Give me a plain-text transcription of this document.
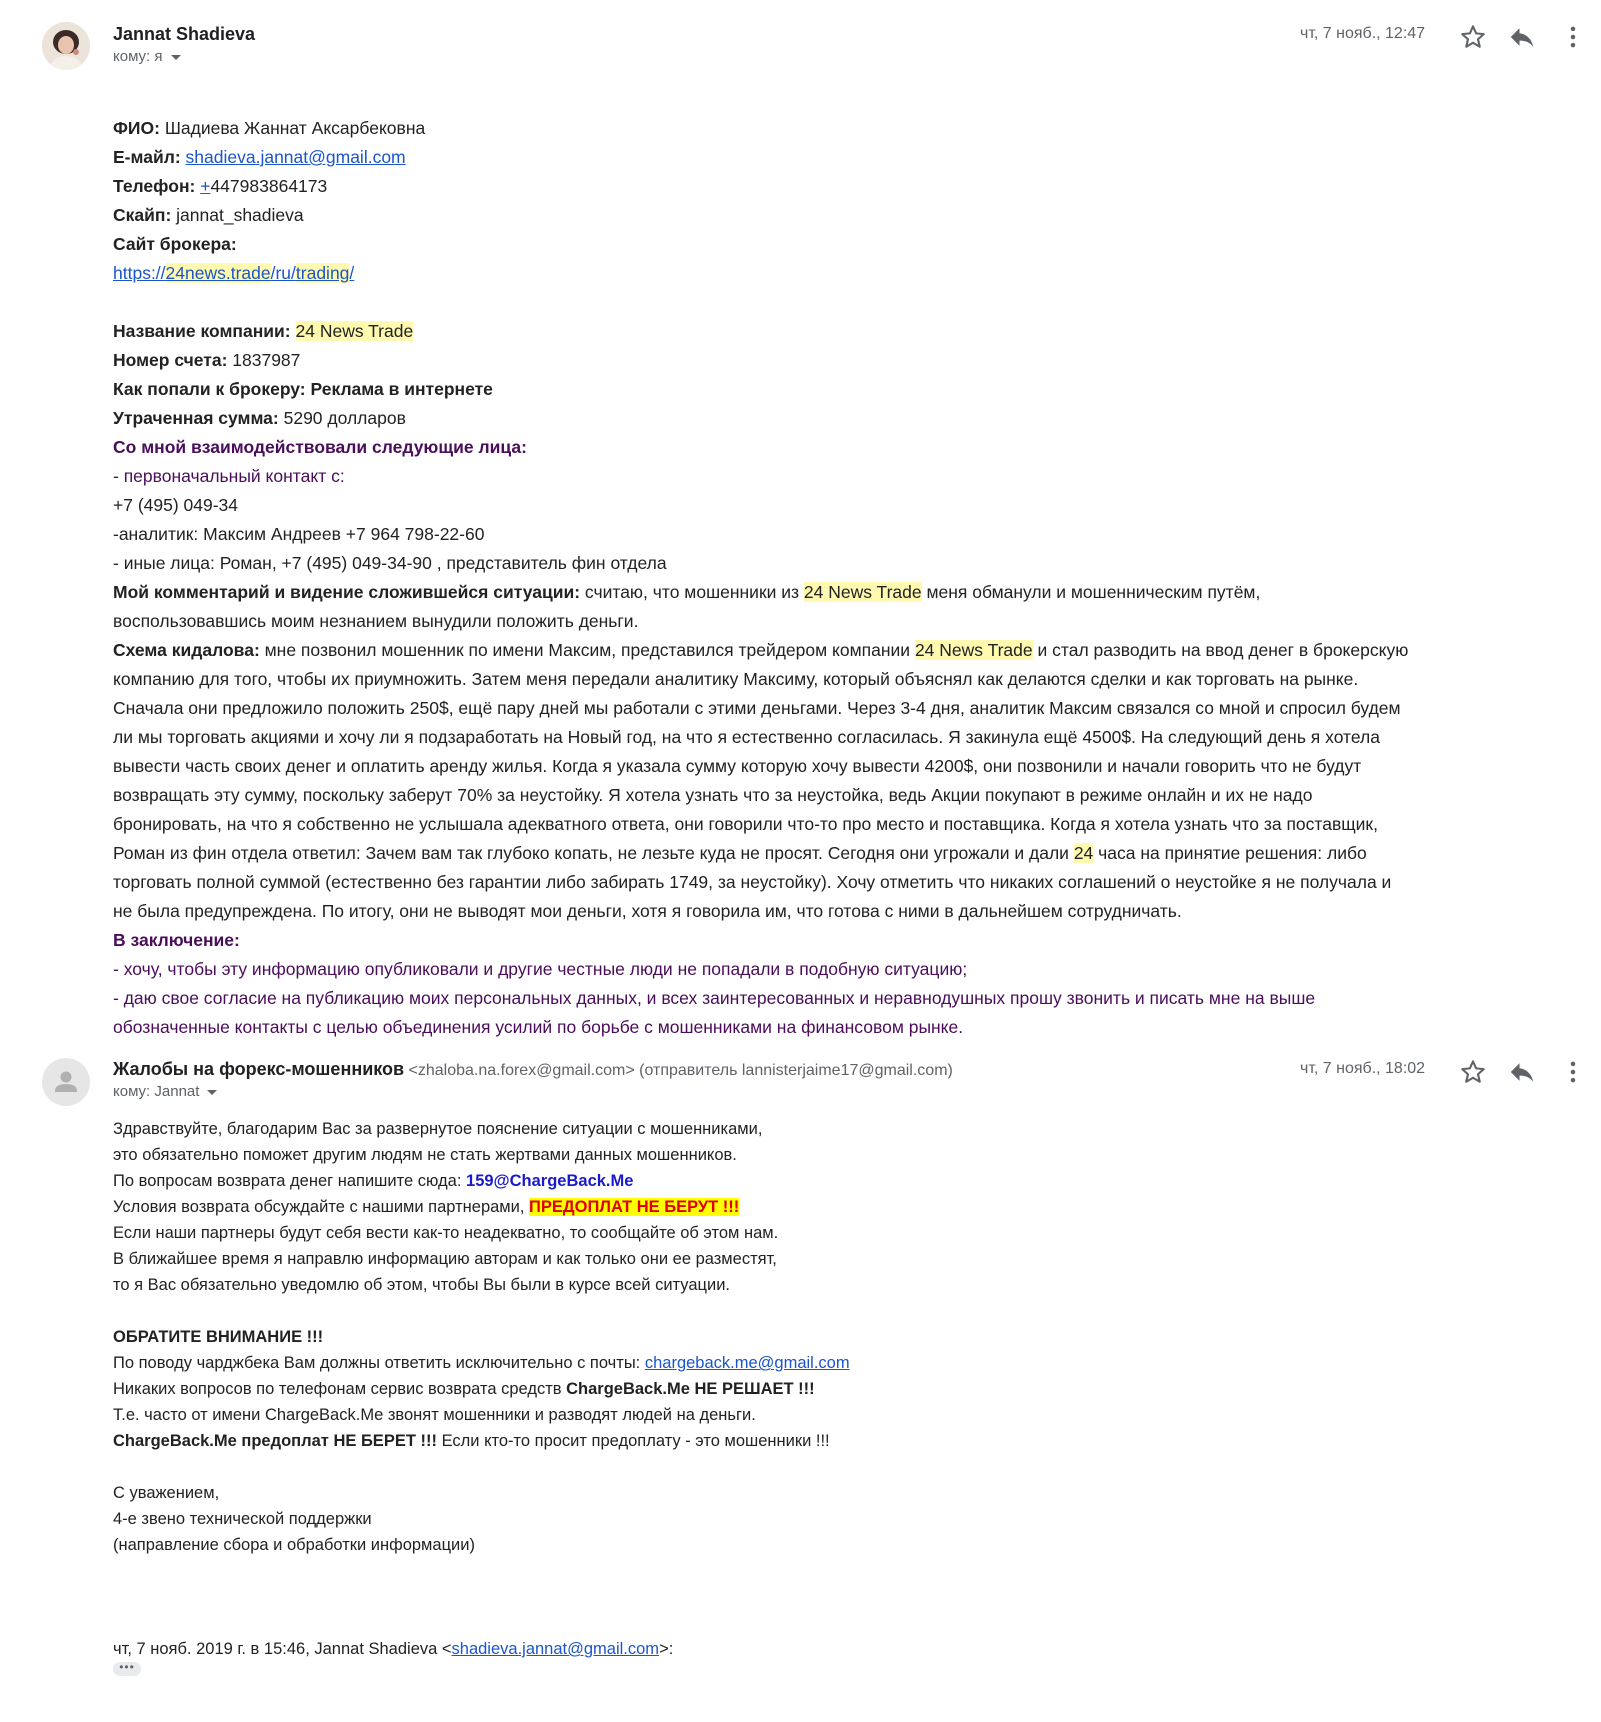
Jannat Shadieva
кому: я
чт, 7 нояб., 12:47
ФИО: Шадиева Жаннат Аксарбековна
Е-майл: shadieva.jannat@gmail.com
Телефон: +447983864173
Скайп: jannat_shadieva
Сайт брокера:
https://24news.trade/ru/trading/
Название компании: 24 News Trade
Номер счета: 1837987
Как попали к брокеру: Реклама в интернете
Утраченная сумма: 5290 долларов
Со мной взаимодействовали следующие лица:
- первоначальный контакт с:
+7 (495) 049-34
-аналитик: Максим Андреев +7 964 798-22-60
- иные лица: Роман, +7 (495) 049-34-90 , представитель фин отдела
Мой комментарий и видение сложившейся ситуации: считаю, что мошенники из 24 News Trade меня обманули и мошенническим путём,
воспользовавшись моим незнанием вынудили положить деньги.
Схема кидалова: мне позвонил мошенник по имени Максим, представился трейдером компании 24 News Trade и стал разводить на ввод денег в брокерскую
компанию для того, чтобы их приумножить. Затем меня передали аналитику Максиму, который объяснял как делаются сделки и как торговать на рынке.
Сначала они предложило положить 250$, ещё пару дней мы работали с этими деньгами. Через 3-4 дня, аналитик Максим связался со мной и спросил будем
ли мы торговать акциями и хочу ли я подзаработать на Новый год, на что я естественно согласилась. Я закинула ещё 4500$. На следующий день я хотела
вывести часть своих денег и оплатить аренду жилья. Когда я указала сумму которую хочу вывести 4200$, они позвонили и начали говорить что не будут
возвращать эту сумму, поскольку заберут 70% за неустойку. Я хотела узнать что за неустойка, ведь Акции покупают в режиме онлайн и их не надо
бронировать, на что я собственно не услышала адекватного ответа, они говорили что-то про место и поставщика. Когда я хотела узнать что за поставщик,
Роман из фин отдела ответил: Зачем вам так глубоко копать, не лезьте куда не просят. Сегодня они угрожали и дали 24 часа на принятие решения: либо
торговать полной суммой (естественно без гарантии либо забирать 1749, за неустойку). Хочу отметить что никаких соглашений о неустойке я не получала и
не была предупреждена. По итогу, они не выводят мои деньги, хотя я говорила им, что готова с ними в дальнейшем сотрудничать.
В заключение:
- хочу, чтобы эту информацию опубликовали и другие честные люди не попадали в подобную ситуацию;
- даю свое согласие на публикацию моих персональных данных, и всех заинтересованных и неравнодушных прошу звонить и писать мне на выше
обозначенные контакты с целью объединения усилий по борьбе с мошенниками на финансовом рынке.
Жалобы на форекс-мошенников <zhaloba.na.forex@gmail.com> (отправитель lannisterjaime17@gmail.com)
кому: Jannat
чт, 7 нояб., 18:02
Здравствуйте, благодарим Вас за развернутое пояснение ситуации с мошенниками,
это обязательно поможет другим людям не стать жертвами данных мошенников.
По вопросам возврата денег напишите сюда: 159@ChargeBack.Me
Условия возврата обсуждайте с нашими партнерами, ПРЕДОПЛАТ НЕ БЕРУТ !!!
Если наши партнеры будут себя вести как-то неадекватно, то сообщайте об этом нам.
В ближайшее время я направлю информацию авторам и как только они ее разместят,
то я Вас обязательно уведомлю об этом, чтобы Вы были в курсе всей ситуации.
ОБРАТИТЕ ВНИМАНИЕ !!!
По поводу чарджбека Вам должны ответить исключительно с почты: chargeback.me@gmail.com
Никаких вопросов по телефонам сервис возврата средств ChargeBack.Me НЕ РЕШАЕТ !!!
Т.е. часто от имени ChargeBack.Me звонят мошенники и разводят людей на деньги.
ChargeBack.Me предоплат НЕ БЕРЕТ !!! Если кто-то просит предоплату - это мошенники !!!
С уважением,
4-е звено технической поддержки
(направление сбора и обработки информации)
чт, 7 нояб. 2019 г. в 15:46, Jannat Shadieva <shadieva.jannat@gmail.com>:
•••
